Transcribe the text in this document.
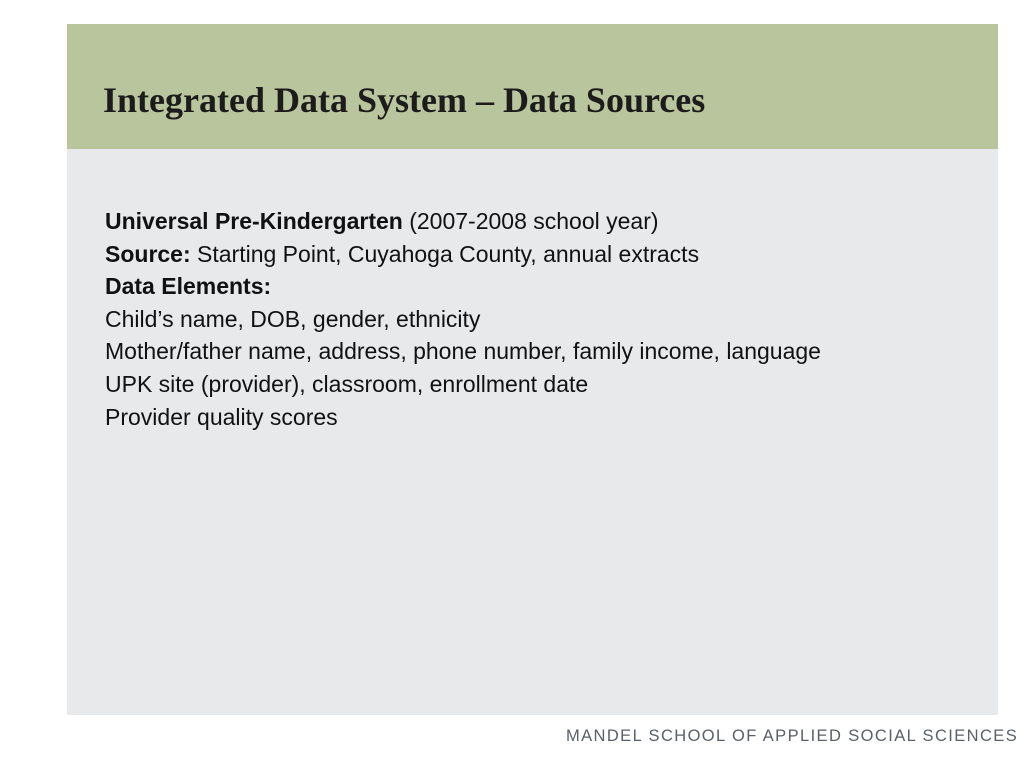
Integrated Data System – Data Sources
Universal Pre-Kindergarten (2007-2008 school year)
Source: Starting Point, Cuyahoga County, annual extracts
Data Elements:
Child’s name, DOB, gender, ethnicity
Mother/father name, address, phone number, family income, language
UPK site (provider), classroom, enrollment date
Provider quality scores
MANDEL SCHOOL OF APPLIED SOCIAL SCIENCES
